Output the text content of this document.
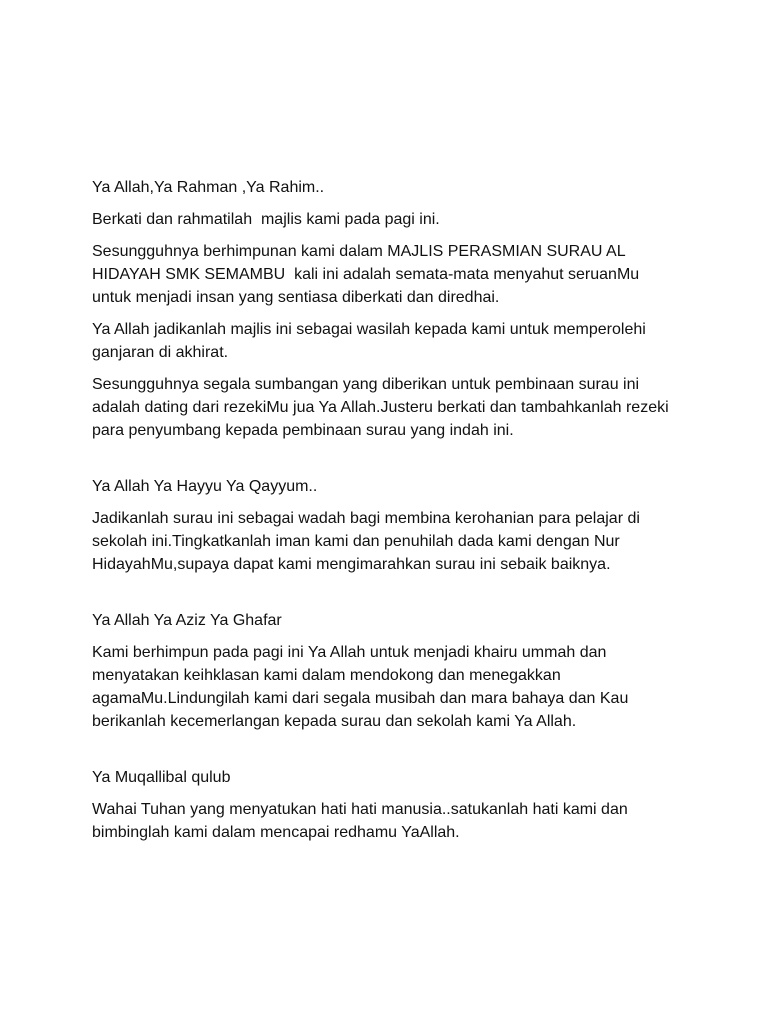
Ya Allah,Ya Rahman ,Ya Rahim..

Berkati dan rahmatilah  majlis kami pada pagi ini.

Sesungguhnya berhimpunan kami dalam MAJLIS PERASMIAN SURAU AL HIDAYAH SMK SEMAMBU  kali ini adalah semata-mata menyahut seruanMu untuk menjadi insan yang sentiasa diberkati dan diredhai.

Ya Allah jadikanlah majlis ini sebagai wasilah kepada kami untuk memperolehi ganjaran di akhirat.

Sesungguhnya segala sumbangan yang diberikan untuk pembinaan surau ini adalah dating dari rezekiMu jua Ya Allah.Justeru berkati dan tambahkanlah rezeki para penyumbang kepada pembinaan surau yang indah ini.

Ya Allah Ya Hayyu Ya Qayyum..

Jadikanlah surau ini sebagai wadah bagi membina kerohanian para pelajar di sekolah ini.Tingkatkanlah iman kami dan penuhilah dada kami dengan Nur HidayahMu,supaya dapat kami mengimarahkan surau ini sebaik baiknya.

Ya Allah Ya Aziz Ya Ghafar

Kami berhimpun pada pagi ini Ya Allah untuk menjadi khairu ummah dan menyatakan keihklasan kami dalam mendokong dan menegakkan agamaMu.Lindungilah kami dari segala musibah dan mara bahaya dan Kau berikanlah kecemerlangan kepada surau dan sekolah kami Ya Allah.

Ya Muqallibal qulub

Wahai Tuhan yang menyatukan hati hati manusia..satukanlah hati kami dan bimbinglah kami dalam mencapai redhamu YaAllah.
